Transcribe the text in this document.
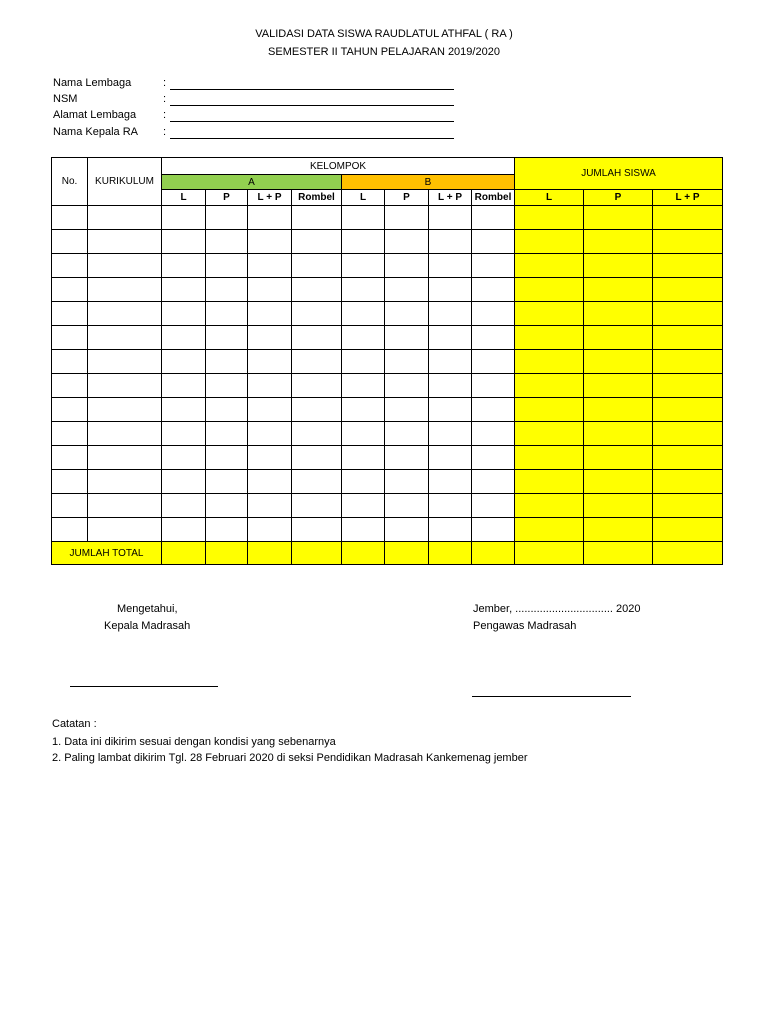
VALIDASI DATA SISWA RAUDLATUL ATHFAL ( RA )
SEMESTER II TAHUN PELAJARAN 2019/2020
Nama Lembaga	:
NSM	:
Alamat Lembaga	:
Nama Kepala RA	:
No.	KURIKULUM	KELOMPOK								JUMLAH SISWA		
		A				B						
		L	P	L + P	Rombel	L	P	L + P	Rombel	L	P	L + P

JUMLAH TOTAL												
Mengetahui,
Kepala Madrasah
Jember, ................................ 2020
Pengawas Madrasah
Catatan :
1. Data ini dikirim sesuai dengan kondisi yang sebenarnya
2. Paling lambat dikirim Tgl. 28 Februari 2020 di seksi Pendidikan Madrasah Kankemenag jember
